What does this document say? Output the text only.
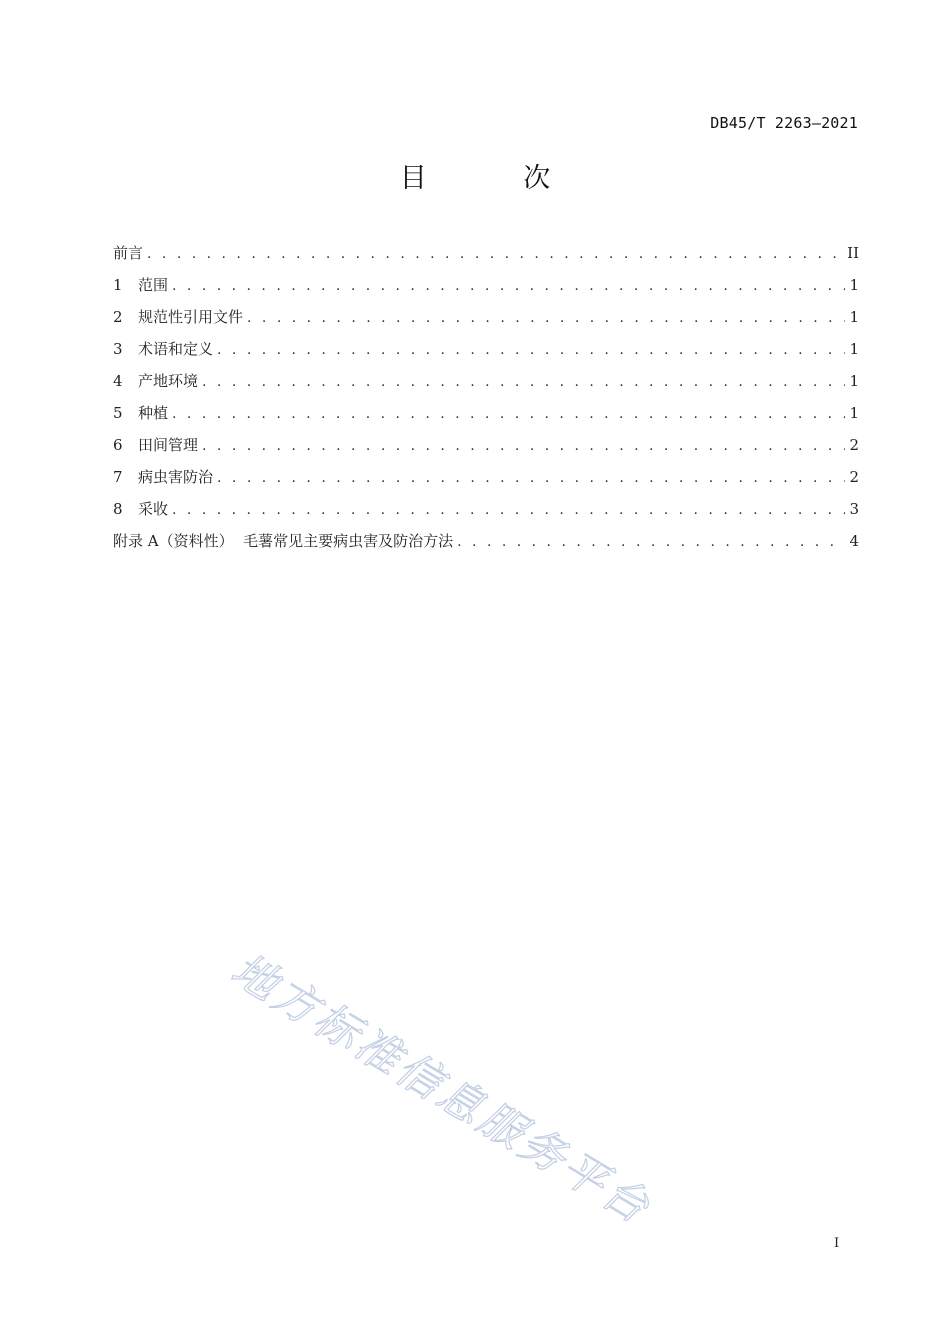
DB45/T 2263—2021
目 次
前言 . . .	II
1 范围 . . .	1
2 规范性引用文件 . . .	1
3 术语和定义 . . .	1
4 产地环境 . . .	1
5 种植 . . .	1
6 田间管理 . . .	2
7 病虫害防治 . . .	2
8 采收 . . .	3
附录 A（资料性）  毛薯常见主要病虫害及防治方法 . . .	4
地方标准信息服务平台
I
